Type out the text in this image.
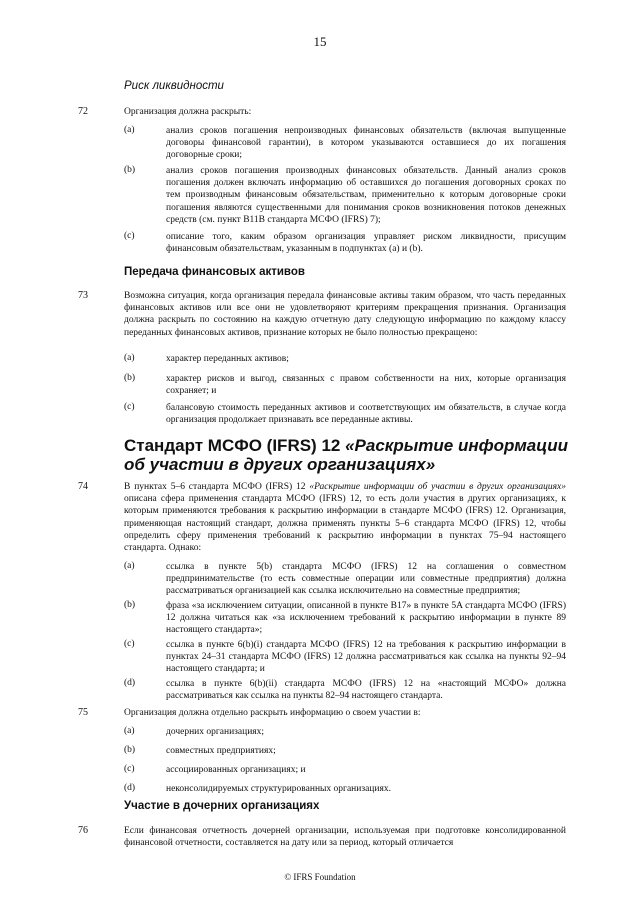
15
Риск ликвидности
72	Организация должна раскрыть:
(a)	анализ сроков погашения непроизводных финансовых обязательств (включая выпущенные договоры финансовой гарантии), в котором указываются оставшиеся до их погашения договорные сроки;
(b)	анализ сроков погашения производных финансовых обязательств. Данный анализ сроков погашения должен включать информацию об оставшихся до погашения договорных сроках по тем производным финансовым обязательствам, применительно к которым договорные сроки погашения являются существенными для понимания сроков возникновения потоков денежных средств (см. пункт B11B стандарта МСФО (IFRS) 7);
(c)	описание того, каким образом организация управляет риском ликвидности, присущим финансовым обязательствам, указанным в подпунктах (a) и (b).
Передача финансовых активов
73	Возможна ситуация, когда организация передала финансовые активы таким образом, что часть переданных финансовых активов или все они не удовлетворяют критериям прекращения признания. Организация должна раскрыть по состоянию на каждую отчетную дату следующую информацию по каждому классу переданных финансовых активов, признание которых не было полностью прекращено:
(a)	характер переданных активов;
(b)	характер рисков и выгод, связанных с правом собственности на них, которые организация сохраняет; и
(c)	балансовую стоимость переданных активов и соответствующих им обязательств, в случае когда организация продолжает признавать все переданные активы.
Стандарт МСФО (IFRS) 12 «Раскрытие информации об участии в других организациях»
74	В пунктах 5–6 стандарта МСФО (IFRS) 12 «Раскрытие информации об участии в других организациях» описана сфера применения стандарта МСФО (IFRS) 12, то есть доли участия в других организациях, к которым применяются требования к раскрытию информации в стандарте МСФО (IFRS) 12. Организация, применяющая настоящий стандарт, должна применять пункты 5–6 стандарта МСФО (IFRS) 12, чтобы определить сферу применения требований к раскрытию информации в пунктах 75–94 настоящего стандарта. Однако:
(a)	ссылка в пункте 5(b) стандарта МСФО (IFRS) 12 на соглашения о совместном предпринимательстве (то есть совместные операции или совместные предприятия) должна рассматриваться организацией как ссылка исключительно на совместные предприятия;
(b)	фраза «за исключением ситуации, описанной в пункте B17» в пункте 5A стандарта МСФО (IFRS) 12 должна читаться как «за исключением требований к раскрытию информации в пункте 89 настоящего стандарта»;
(c)	ссылка в пункте 6(b)(i) стандарта МСФО (IFRS) 12 на требования к раскрытию информации в пунктах 24–31 стандарта МСФО (IFRS) 12 должна рассматриваться как ссылка на пункты 92–94 настоящего стандарта; и
(d)	ссылка в пункте 6(b)(ii) стандарта МСФО (IFRS) 12 на «настоящий МСФО» должна рассматриваться как ссылка на пункты 82–94 настоящего стандарта.
75	Организация должна отдельно раскрыть информацию о своем участии в:
(a)	дочерних организациях;
(b)	совместных предприятиях;
(c)	ассоциированных организациях; и
(d)	неконсолидируемых структурированных организациях.
Участие в дочерних организациях
76	Если финансовая отчетность дочерней организации, используемая при подготовке консолидированной финансовой отчетности, составляется на дату или за период, который отличается
© IFRS Foundation
